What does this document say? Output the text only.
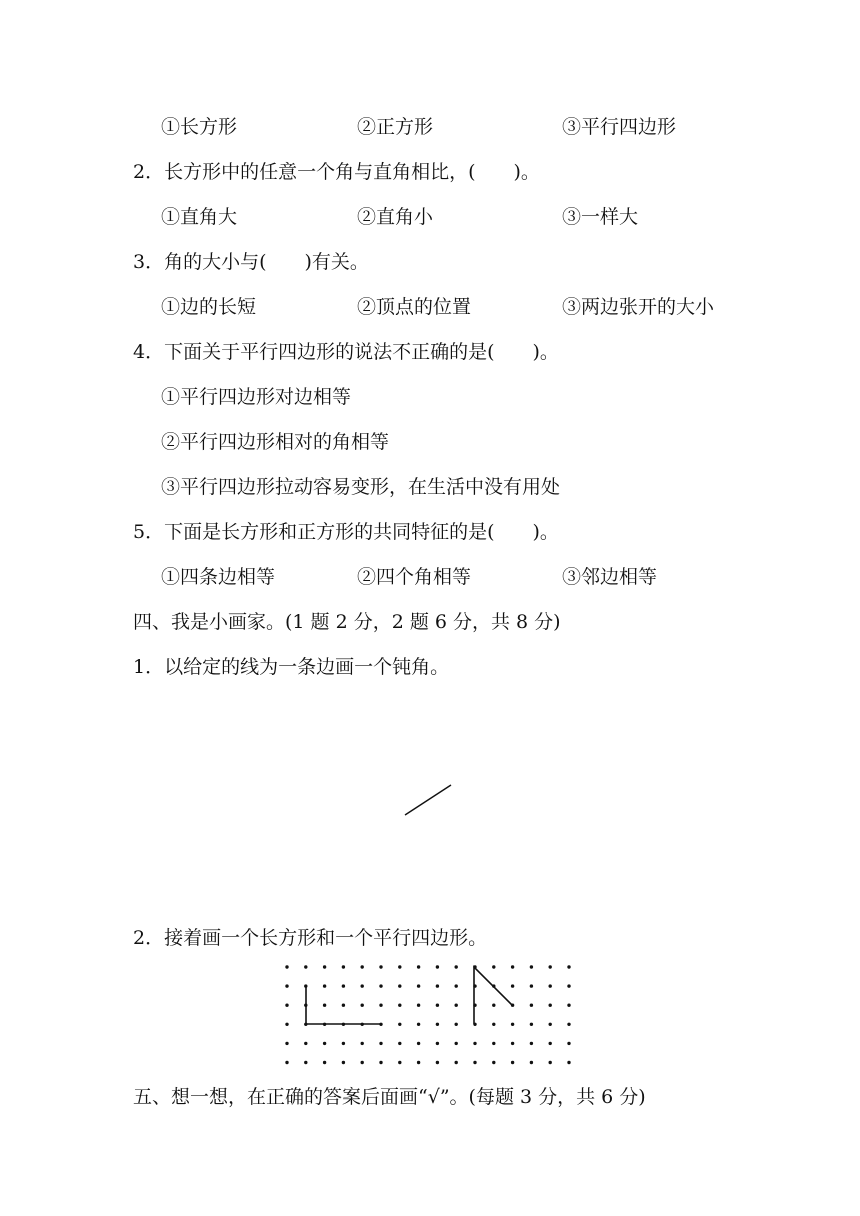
①长方形	②正方形	③平行四边形
2．长方形中的任意一个角与直角相比，(　　)。
①直角大	②直角小	③一样大
3．角的大小与(　　)有关。
①边的长短	②顶点的位置	③两边张开的大小
4．下面关于平行四边形的说法不正确的是(　　)。
①平行四边形对边相等
②平行四边形相对的角相等
③平行四边形拉动容易变形，在生活中没有用处
5．下面是长方形和正方形的共同特征的是(　　)。
①四条边相等	②四个角相等	③邻边相等
四、我是小画家。(1 题 2 分，2 题 6 分，共 8 分)
1．以给定的线为一条边画一个钝角。
2．接着画一个长方形和一个平行四边形。
五、想一想，在正确的答案后面画“√”。(每题 3 分，共 6 分)
